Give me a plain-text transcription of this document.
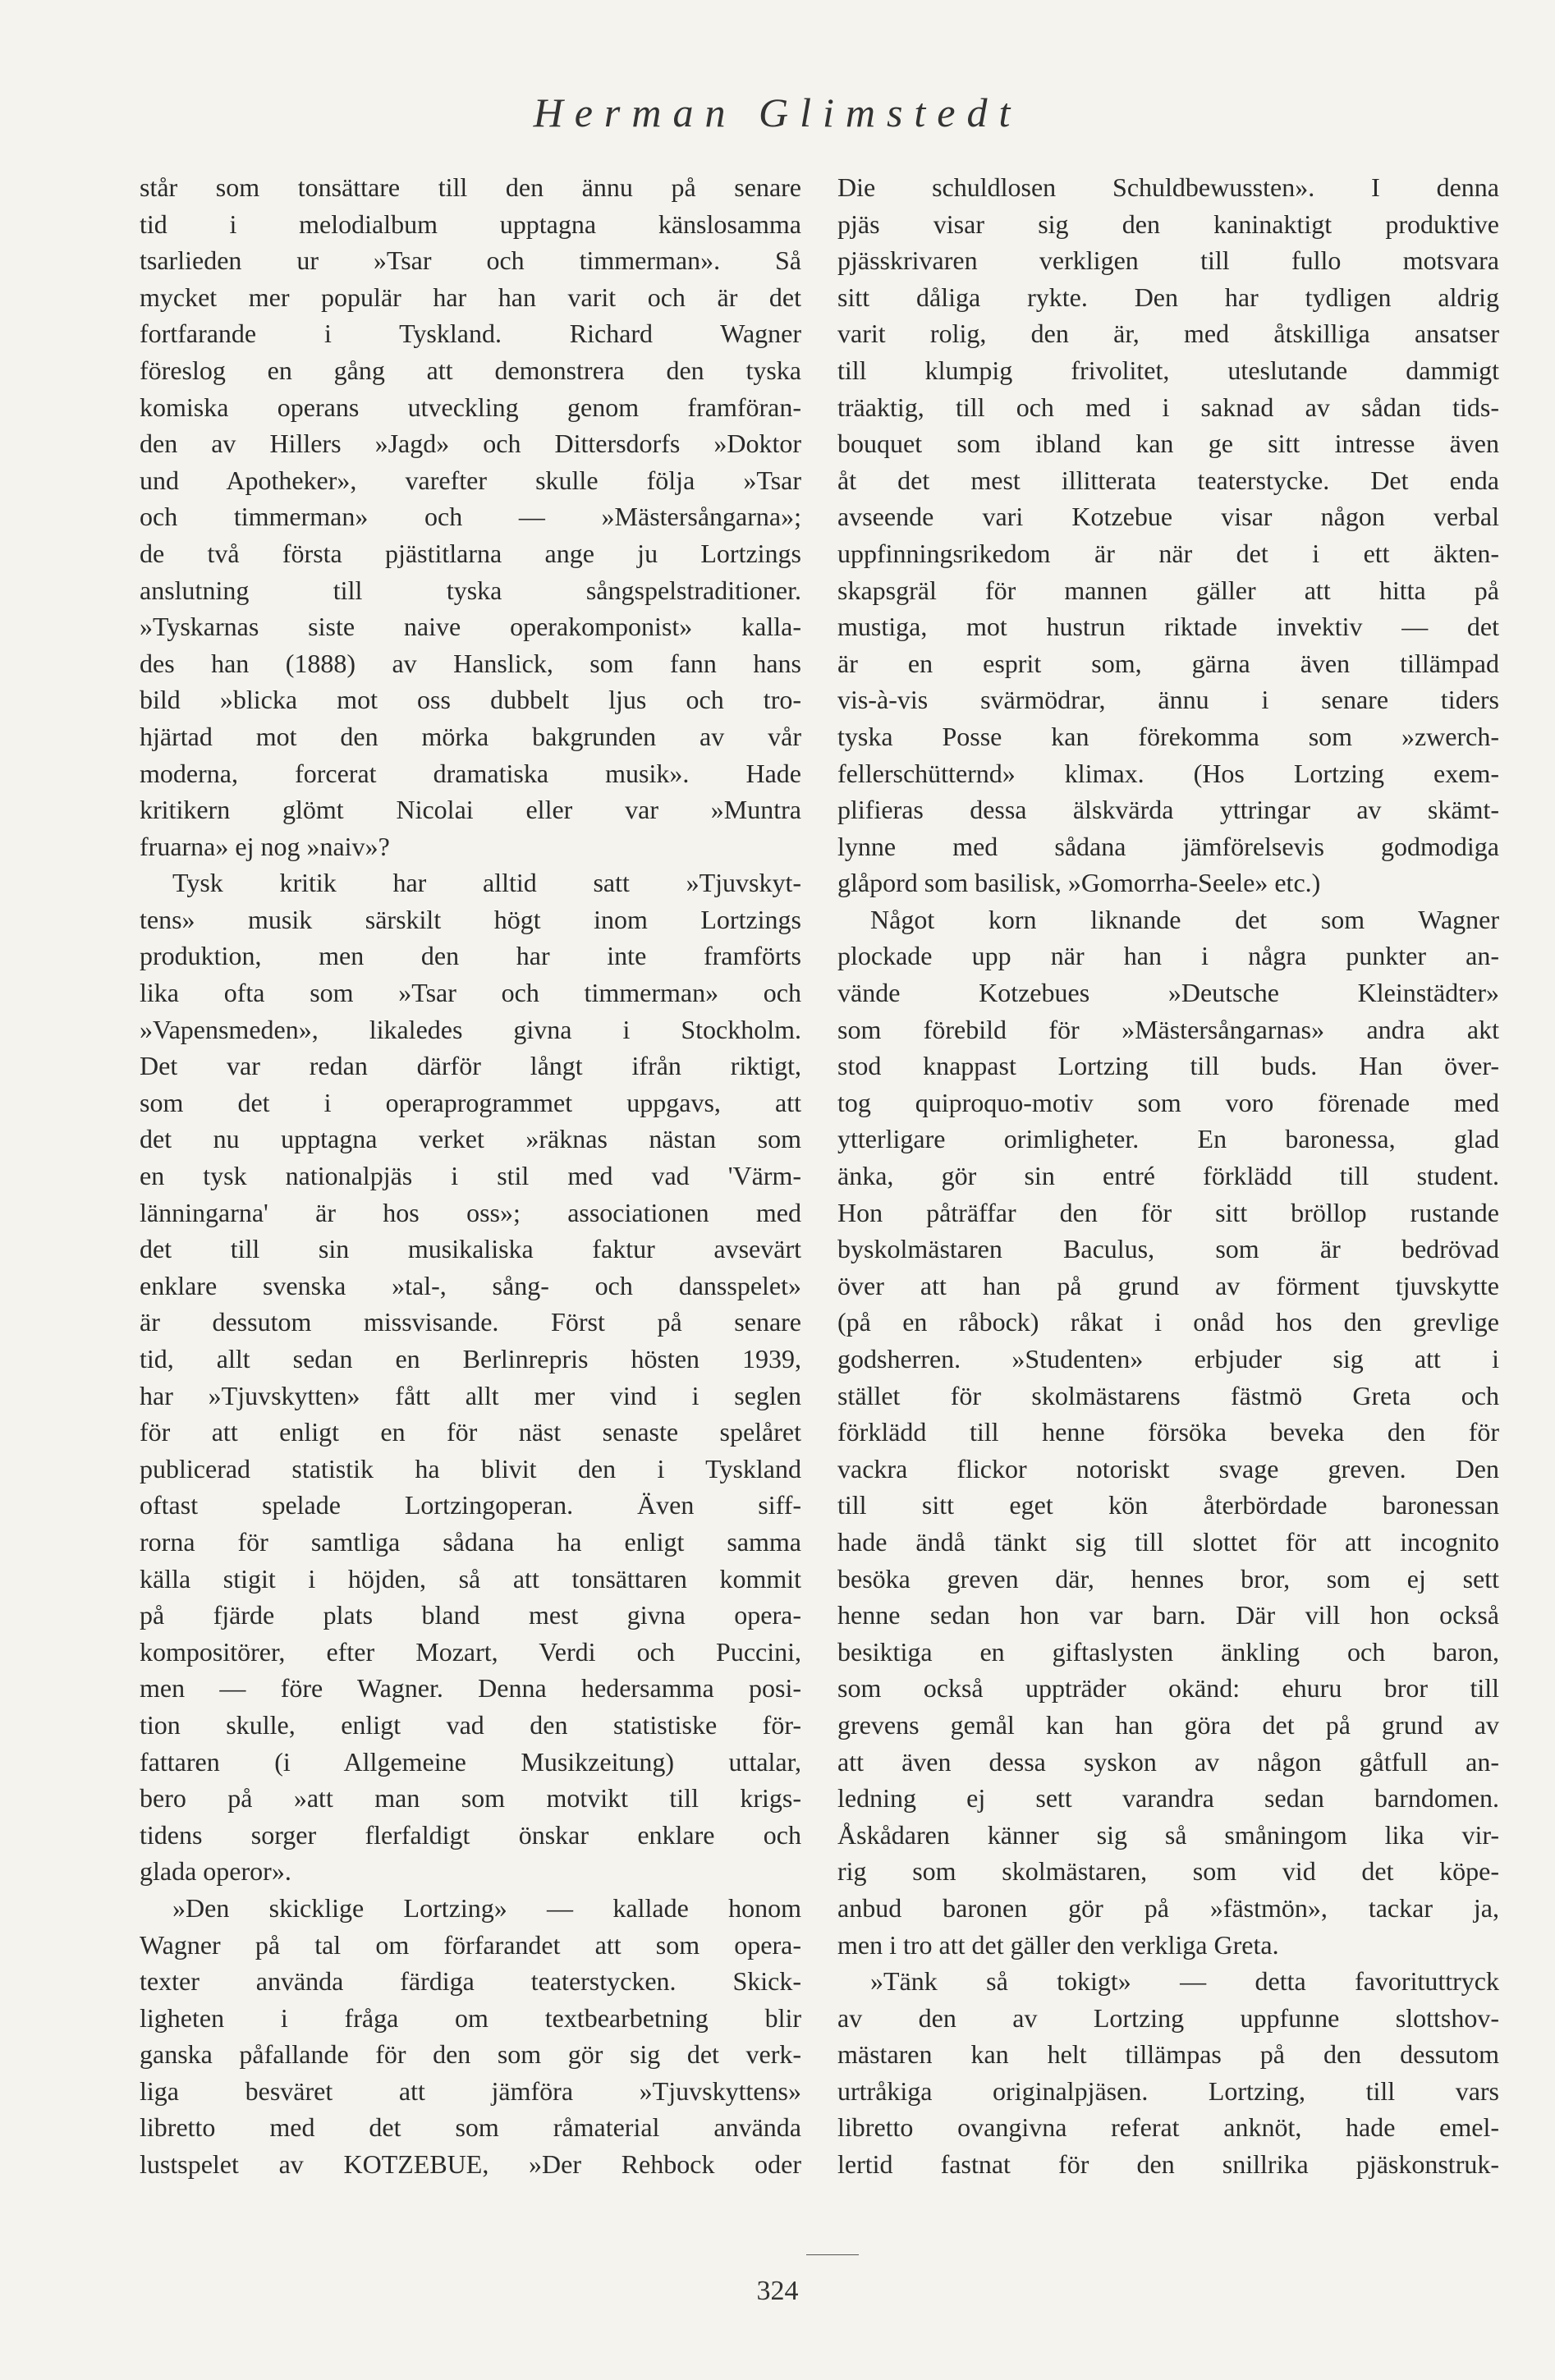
Herman Glimstedt
står som tonsättare till den ännu på senare
tid i melodialbum upptagna känslosamma
tsarlieden ur »Tsar och timmerman». Så
mycket mer populär har han varit och är det
fortfarande i Tyskland. Richard Wagner
föreslog en gång att demonstrera den tyska
komiska operans utveckling genom framföran-
den av Hillers »Jagd» och Dittersdorfs »Doktor
und Apotheker», varefter skulle följa »Tsar
och timmerman» och — »Mästersångarna»;
de två första pjästitlarna ange ju Lortzings
anslutning till tyska sångspelstraditioner.
»Tyskarnas siste naive operakomponist» kalla-
des han (1888) av Hanslick, som fann hans
bild »blicka mot oss dubbelt ljus och tro-
hjärtad mot den mörka bakgrunden av vår
moderna, forcerat dramatiska musik». Hade
kritikern glömt Nicolai eller var »Muntra
fruarna» ej nog »naiv»?
Tysk kritik har alltid satt »Tjuvskyt-
tens» musik särskilt högt inom Lortzings
produktion, men den har inte framförts
lika ofta som »Tsar och timmerman» och
»Vapensmeden», likaledes givna i Stockholm.
Det var redan därför långt ifrån riktigt,
som det i operaprogrammet uppgavs, att
det nu upptagna verket »räknas nästan som
en tysk nationalpjäs i stil med vad 'Värm-
länningarna' är hos oss»; associationen med
det till sin musikaliska faktur avsevärt
enklare svenska »tal-, sång- och dansspelet»
är dessutom missvisande. Först på senare
tid, allt sedan en Berlinrepris hösten 1939,
har »Tjuvskytten» fått allt mer vind i seglen
för att enligt en för näst senaste spelåret
publicerad statistik ha blivit den i Tyskland
oftast spelade Lortzingoperan. Även siff-
rorna för samtliga sådana ha enligt samma
källa stigit i höjden, så att tonsättaren kommit
på fjärde plats bland mest givna opera-
kompositörer, efter Mozart, Verdi och Puccini,
men — före Wagner. Denna hedersamma posi-
tion skulle, enligt vad den statistiske för-
fattaren (i Allgemeine Musikzeitung) uttalar,
bero på »att man som motvikt till krigs-
tidens sorger flerfaldigt önskar enklare och
glada operor».
»Den skicklige Lortzing» — kallade honom
Wagner på tal om förfarandet att som opera-
texter använda färdiga teaterstycken. Skick-
ligheten i fråga om textbearbetning blir
ganska påfallande för den som gör sig det verk-
liga besväret att jämföra »Tjuvskyttens»
libretto med det som råmaterial använda
lustspelet av KOTZEBUE, »Der Rehbock oder
Die schuldlosen Schuldbewussten». I denna
pjäs visar sig den kaninaktigt produktive
pjässkrivaren verkligen till fullo motsvara
sitt dåliga rykte. Den har tydligen aldrig
varit rolig, den är, med åtskilliga ansatser
till klumpig frivolitet, uteslutande dammigt
träaktig, till och med i saknad av sådan tids-
bouquet som ibland kan ge sitt intresse även
åt det mest illitterata teaterstycke. Det enda
avseende vari Kotzebue visar någon verbal
uppfinningsrikedom är när det i ett äkten-
skapsgräl för mannen gäller att hitta på
mustiga, mot hustrun riktade invektiv — det
är en esprit som, gärna även tillämpad
vis-à-vis svärmödrar, ännu i senare tiders
tyska Posse kan förekomma som »zwerch-
fellerschütternd» klimax. (Hos Lortzing exem-
plifieras dessa älskvärda yttringar av skämt-
lynne med sådana jämförelsevis godmodiga
glåpord som basilisk, »Gomorrha-Seele» etc.)
Något korn liknande det som Wagner
plockade upp när han i några punkter an-
vände Kotzebues »Deutsche Kleinstädter»
som förebild för »Mästersångarnas» andra akt
stod knappast Lortzing till buds. Han över-
tog quiproquo-motiv som voro förenade med
ytterligare orimligheter. En baronessa, glad
änka, gör sin entré förklädd till student.
Hon påträffar den för sitt bröllop rustande
byskolmästaren Baculus, som är bedrövad
över att han på grund av förment tjuvskytte
(på en råbock) råkat i onåd hos den grevlige
godsherren. »Studenten» erbjuder sig att i
stället för skolmästarens fästmö Greta och
förklädd till henne försöka beveka den för
vackra flickor notoriskt svage greven. Den
till sitt eget kön återbördade baronessan
hade ändå tänkt sig till slottet för att incognito
besöka greven där, hennes bror, som ej sett
henne sedan hon var barn. Där vill hon också
besiktiga en giftaslysten änkling och baron,
som också uppträder okänd: ehuru bror till
grevens gemål kan han göra det på grund av
att även dessa syskon av någon gåtfull an-
ledning ej sett varandra sedan barndomen.
Åskådaren känner sig så småningom lika vir-
rig som skolmästaren, som vid det köpe-
anbud baronen gör på »fästmön», tackar ja,
men i tro att det gäller den verkliga Greta.
»Tänk så tokigt» — detta favorituttryck
av den av Lortzing uppfunne slottshov-
mästaren kan helt tillämpas på den dessutom
urtråkiga originalpjäsen. Lortzing, till vars
libretto ovangivna referat anknöt, hade emel-
lertid fastnat för den snillrika pjäskonstruk-
324
